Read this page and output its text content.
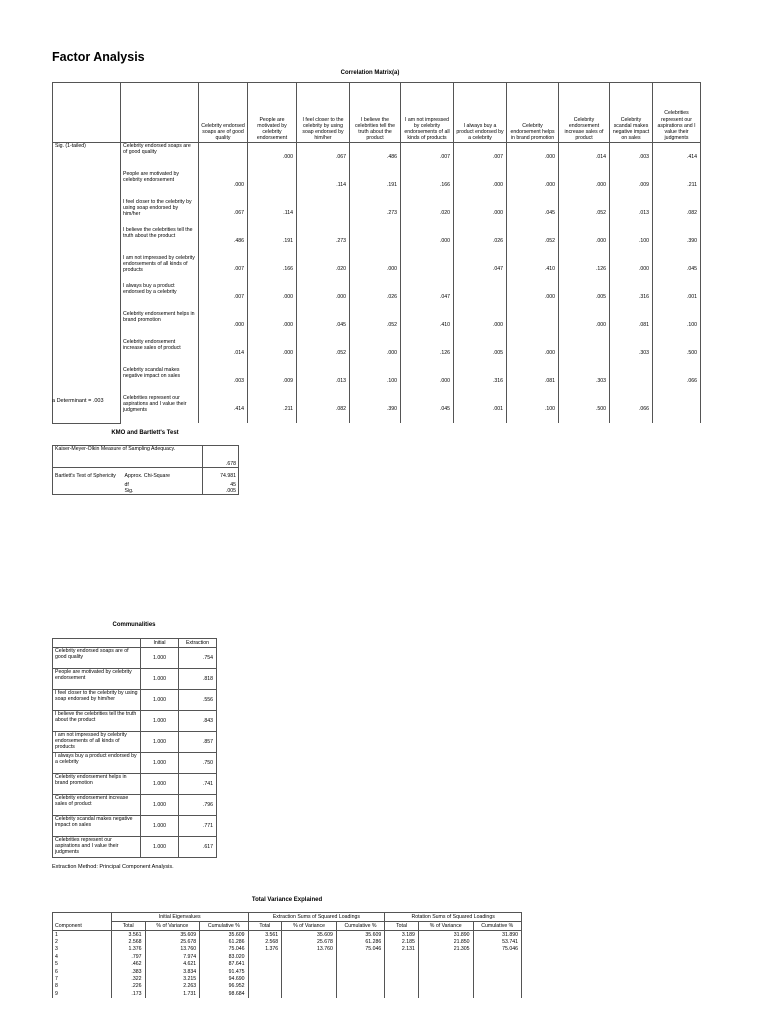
Factor Analysis
Correlation Matrix(a)
		Celebrity endorsed soaps are of good quality	People are motivated by celebrity endorsement	I feel closer to the celebrity by using soap endorsed by him/her	I believe the celebrities tell the truth about the product	I am not impressed by celebrity endorsements of all kinds of products	I always buy a product endorsed by a celebrity	Celebrity endorsement helps in brand promotion	Celebrity endorsement increase sales of product	Celebrity scandal makes negative impact on sales	Celebrities represent our aspirations and I value their judgments
Sig. (1-tailed)	Celebrity endorsed soaps are of good quality		.000	.067	.486	.007	.007	.000	.014	.003	.414
	People are motivated by celebrity endorsement	.000		.114	.191	.166	.000	.000	.000	.009	.211
	I feel closer to the celebrity by using soap endorsed by him/her	.067	.114		.273	.020	.000	.045	.052	.013	.082
	I believe the celebrities tell the truth about the product	.486	.191	.273		.000	.026	.052	.000	.100	.390
	I am not impressed by celebrity endorsements of all kinds of products	.007	.166	.020	.000		.047	.410	.126	.000	.045
	I always buy a product endorsed by a celebrity	.007	.000	.000	.026	.047		.000	.005	.316	.001
	Celebrity endorsement helps in brand promotion	.000	.000	.045	.052	.410	.000		.000	.081	.100
	Celebrity endorsement increase sales of product	.014	.000	.052	.000	.126	.005	.000		.303	.500
	Celebrity scandal makes negative impact on sales	.003	.009	.013	.100	.000	.316	.081	.303		.066
	Celebrities represent our aspirations and I value their judgments	.414	.211	.082	.390	.045	.001	.100	.500	.066	
a Determinant = .003
KMO and Bartlett's Test
Kaiser-Meyer-Olkin Measure of Sampling Adequacy.		.678
Bartlett's Test of Sphericity	Approx. Chi-Square	74.981
	df	45
	Sig.	.005
Communalities
	Initial	Extraction
Celebrity endorsed soaps are of good quality	1.000	.754
People are motivated by celebrity endorsement	1.000	.818
I feel closer to the celebrity by using soap endorsed by him/her	1.000	.556
I believe the celebrities tell the truth about the product	1.000	.843
I am not impressed by celebrity endorsements of all kinds of products	1.000	.857
I always buy a product endorsed by a celebrity	1.000	.750
Celebrity endorsement helps in brand promotion	1.000	.741
Celebrity endorsement increase sales of product	1.000	.796
Celebrity scandal makes negative impact on sales	1.000	.771
Celebrities represent our aspirations and I value their judgments	1.000	.617
Extraction Method: Principal Component Analysis.
Total Variance Explained
	Initial Eigenvalues			Extraction Sums of Squared Loadings			Rotation Sums of Squared Loadings		
Component	Total	% of Variance	Cumulative %	Total	% of Variance	Cumulative %	Total	% of Variance	Cumulative %
1	3.561	35.609	35.609	3.561	35.609	35.609	3.189	31.890	31.890
2	2.568	25.678	61.286	2.568	25.678	61.286	2.185	21.850	53.741
3	1.376	13.760	75.046	1.376	13.760	75.046	2.131	21.305	75.046
4	.797	7.974	83.020						
5	.462	4.621	87.641						
6	.383	3.834	91.475						
7	.322	3.215	94.690						
8	.226	2.263	96.952						
9	.173	1.731	98.684						
